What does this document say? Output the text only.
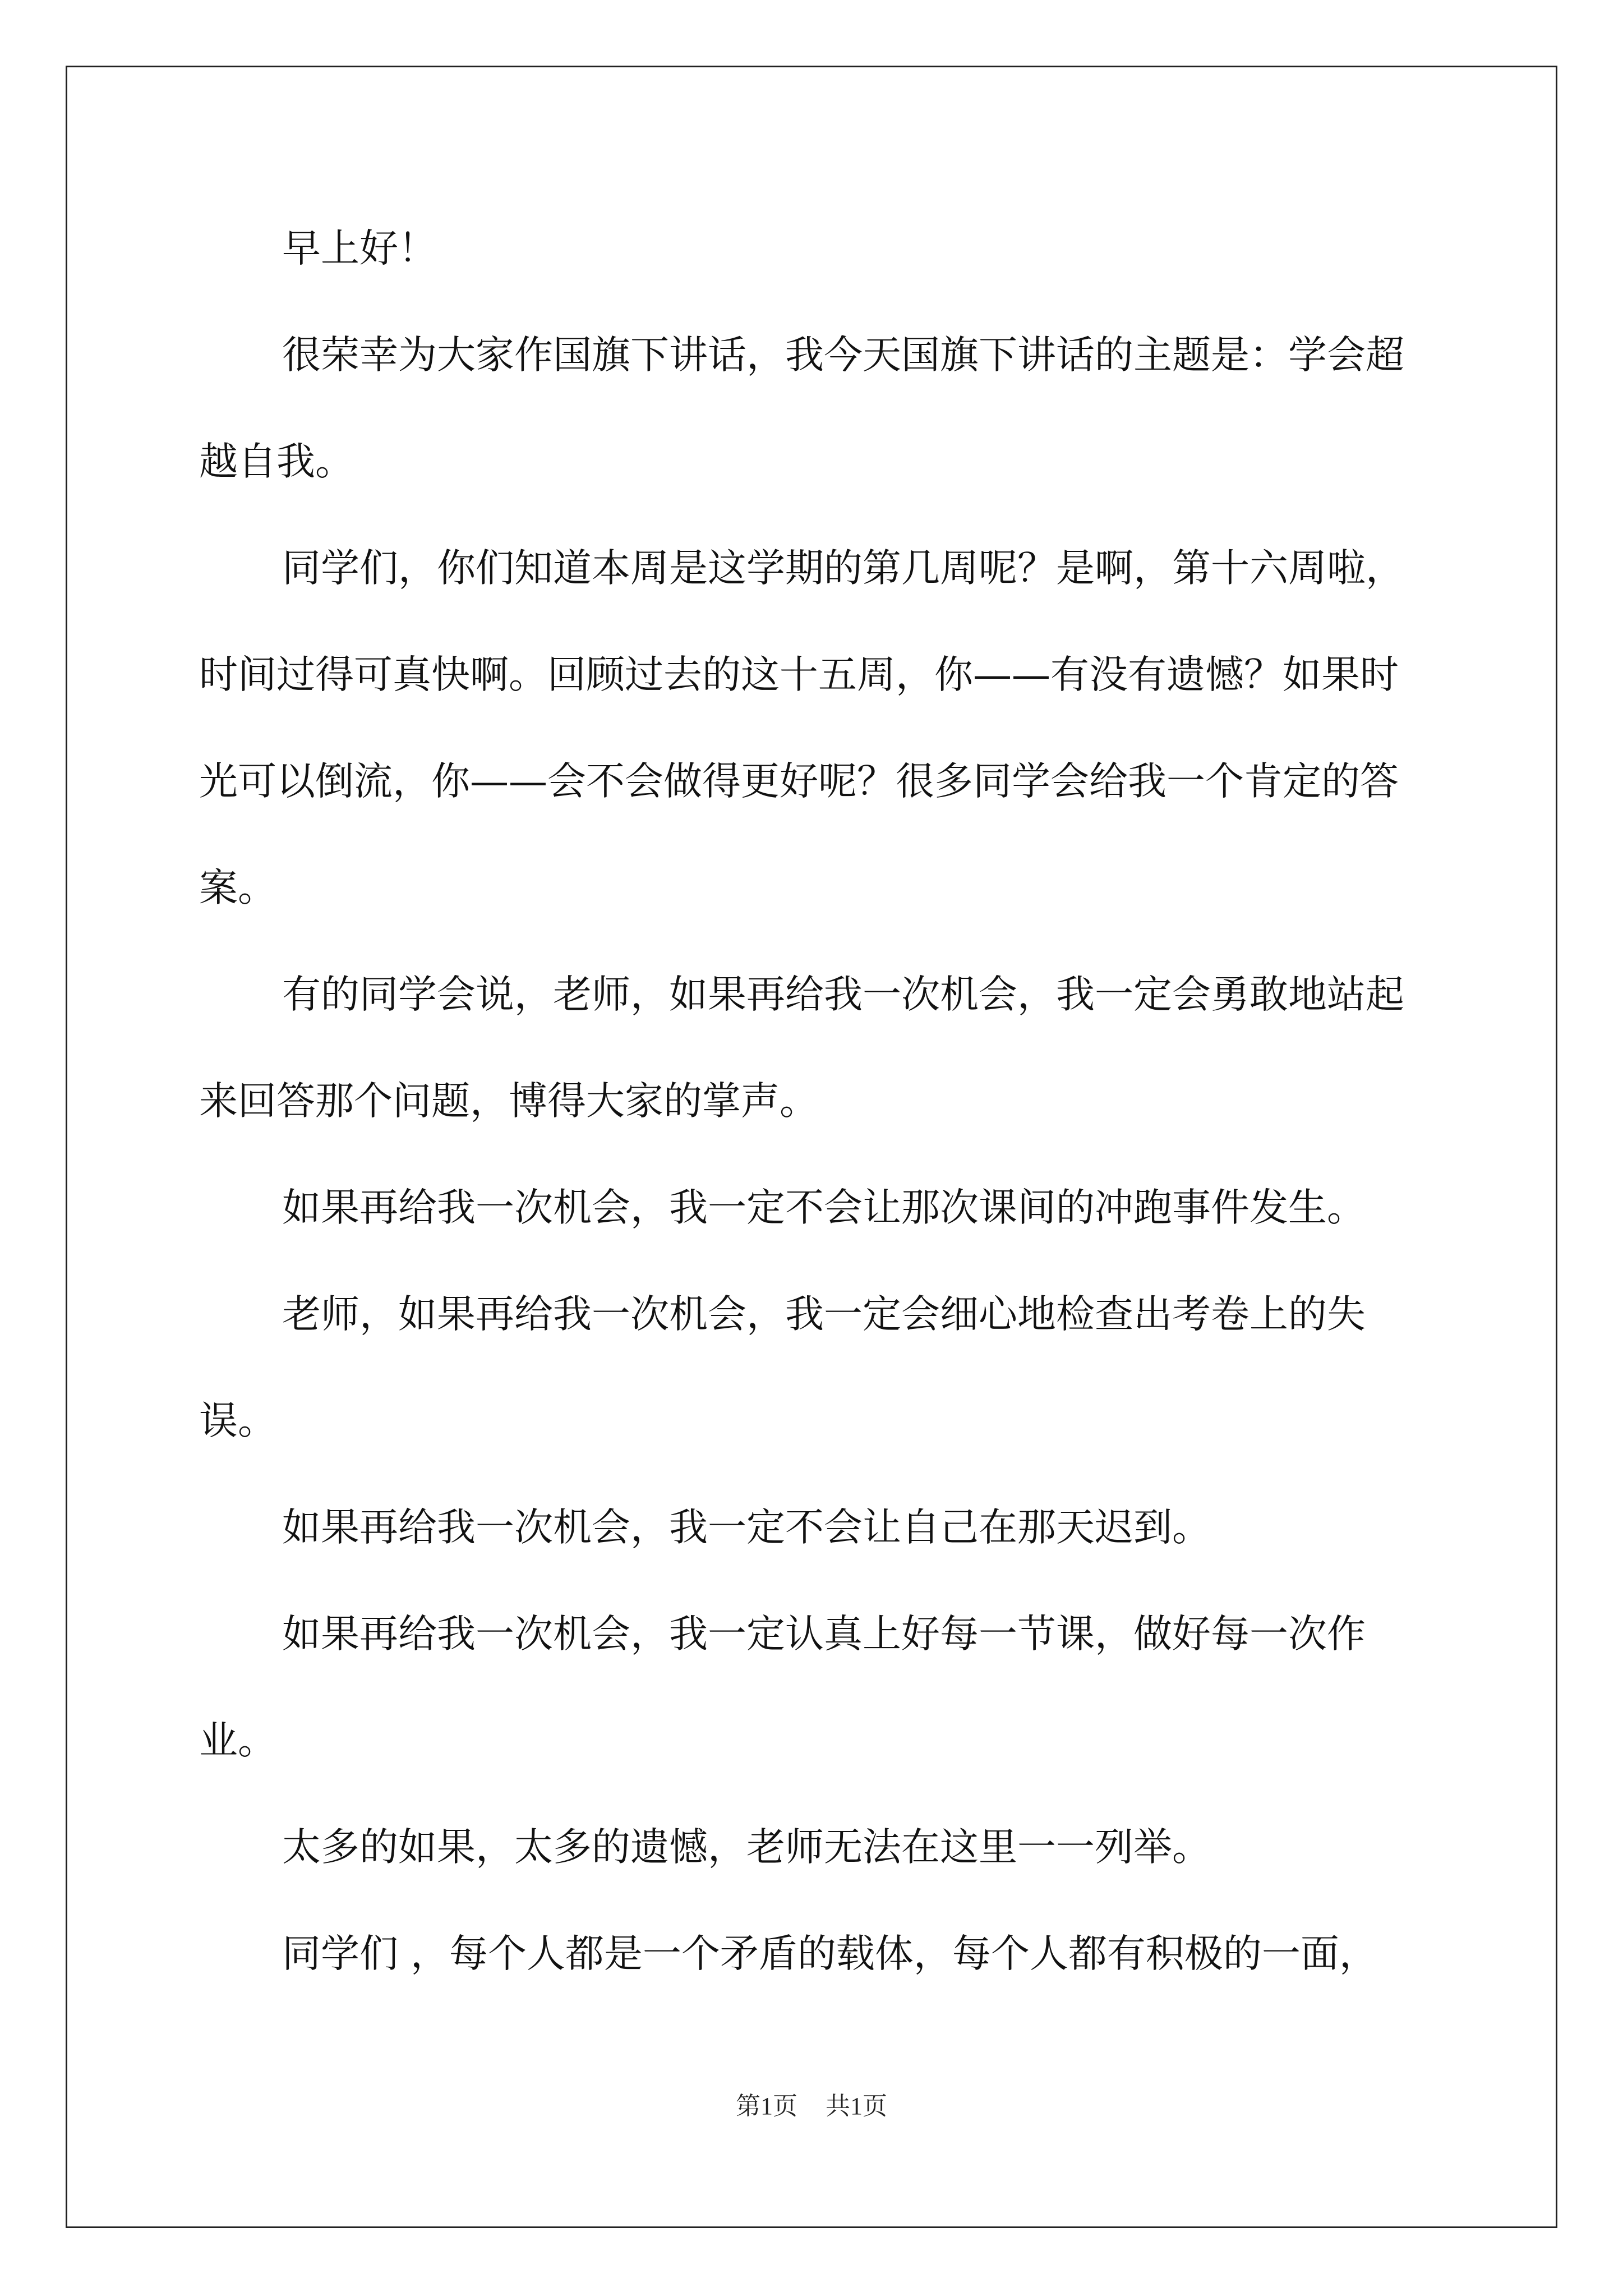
早上好！

很荣幸为大家作国旗下讲话，我今天国旗下讲话的主题是：学会超越自我。

同学们，你们知道本周是这学期的第几周呢？是啊，第十六周啦，时间过得可真快啊。回顾过去的这十五周，你——有没有遗憾？如果时光可以倒流，你——会不会做得更好呢？很多同学会给我一个肯定的答案。

有的同学会说，老师，如果再给我一次机会，我一定会勇敢地站起来回答那个问题，博得大家的掌声。

如果再给我一次机会，我一定不会让那次课间的冲跑事件发生。

老师，如果再给我一次机会，我一定会细心地检查出考卷上的失误。

如果再给我一次机会，我一定不会让自己在那天迟到。

如果再给我一次机会，我一定认真上好每一节课，做好每一次作业。

太多的如果，太多的遗憾，老师无法在这里一一列举。

同学们 ，每个人都是一个矛盾的载体，每个人都有积极的一面，

第1页 共1页
